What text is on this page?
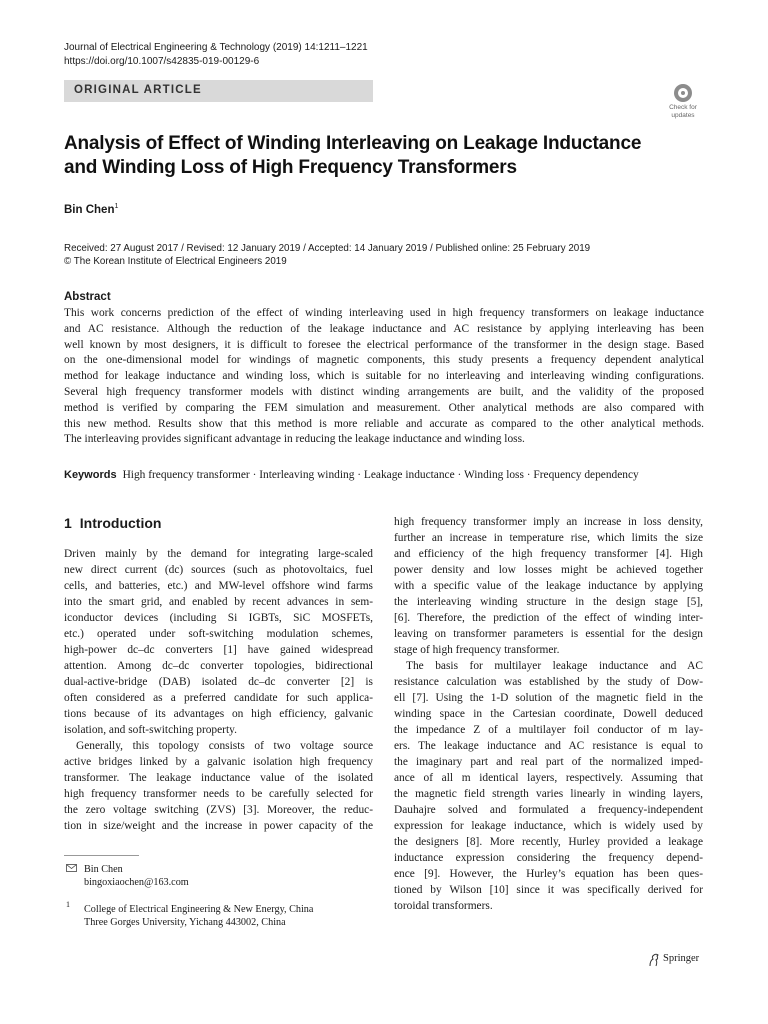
Journal of Electrical Engineering & Technology (2019) 14:1211–1221
https://doi.org/10.1007/s42835-019-00129-6
ORIGINAL ARTICLE
Check for
updates
Analysis of Effect of Winding Interleaving on Leakage Inductance
and Winding Loss of High Frequency Transformers
Bin Chen$^1$
Received: 27 August 2017 / Revised: 12 January 2019 / Accepted: 14 January 2019 / Published online: 25 February 2019
© The Korean Institute of Electrical Engineers 2019
Abstract
This work concerns prediction of the effect of winding interleaving used in high frequency transformers on leakage inductance
and AC resistance. Although the reduction of the leakage inductance and AC resistance by applying interleaving has been
well known by most designers, it is difficult to foresee the electrical performance of the transformer in the design stage. Based
on the one-dimensional model for windings of magnetic components, this study presents a frequency dependent analytical
method for leakage inductance and winding loss, which is suitable for no interleaving and interleaving winding configurations.
Several high frequency transformer models with distinct winding arrangements are built, and the validity of the proposed
method is verified by comparing the FEM simulation and measurement. Other analytical methods are also compared with
this new method. Results show that this method is more reliable and accurate as compared to the other analytical methods.
The interleaving provides significant advantage in reducing the leakage inductance and winding loss.
Keywords High frequency transformer · Interleaving winding · Leakage inductance · Winding loss · Frequency dependency
1 Introduction
Driven mainly by the demand for integrating large-scaled
new direct current (dc) sources (such as photovoltaics, fuel
cells, and batteries, etc.) and MW-level offshore wind farms
into the smart grid, and enabled by recent advances in sem-
iconductor devices (including Si IGBTs, SiC MOSFETs,
etc.) operated under soft-switching modulation schemes,
high-power dc–dc converters [1] have gained widespread
attention. Among dc–dc converter topologies, bidirectional
dual-active-bridge (DAB) isolated dc–dc converter [2] is
often considered as a preferred candidate for such applica-
tions because of its advantages on high efficiency, galvanic
isolation, and soft-switching property.
Generally, this topology consists of two voltage source
active bridges linked by a galvanic isolation high frequency
transformer. The leakage inductance value of the isolated
high frequency transformer needs to be carefully selected for
the zero voltage switching (ZVS) [3]. Moreover, the reduc-
tion in size/weight and the increase in power capacity of the
high frequency transformer imply an increase in loss density,
further an increase in temperature rise, which limits the size
and efficiency of the high frequency transformer [4]. High
power density and low losses might be achieved together
with a specific value of the leakage inductance by applying
the interleaving winding structure in the design stage [5],
[6]. Therefore, the prediction of the effect of winding inter-
leaving on transformer parameters is essential for the design
stage of high frequency transformer.
The basis for multilayer leakage inductance and AC
resistance calculation was established by the study of Dow-
ell [7]. Using the 1-D solution of the magnetic field in the
winding space in the Cartesian coordinate, Dowell deduced
the impedance Z of a multilayer foil conductor of m lay-
ers. The leakage inductance and AC resistance is equal to
the imaginary part and real part of the normalized imped-
ance of all m identical layers, respectively. Assuming that
the magnetic field strength varies linearly in winding layers,
Dauhajre solved and formulated a frequency-independent
expression for leakage inductance, which is widely used by
the designers [8]. More recently, Hurley provided a leakage
inductance expression considering the frequency depend-
ence [9]. However, the Hurley’s equation has been ques-
tioned by Wilson [10] since it was specifically derived for
toroidal transformers.
Bin Chen
bingoxiaochen@163.com
1 College of Electrical Engineering & New Energy, China
Three Gorges University, Yichang 443002, China
Springer
